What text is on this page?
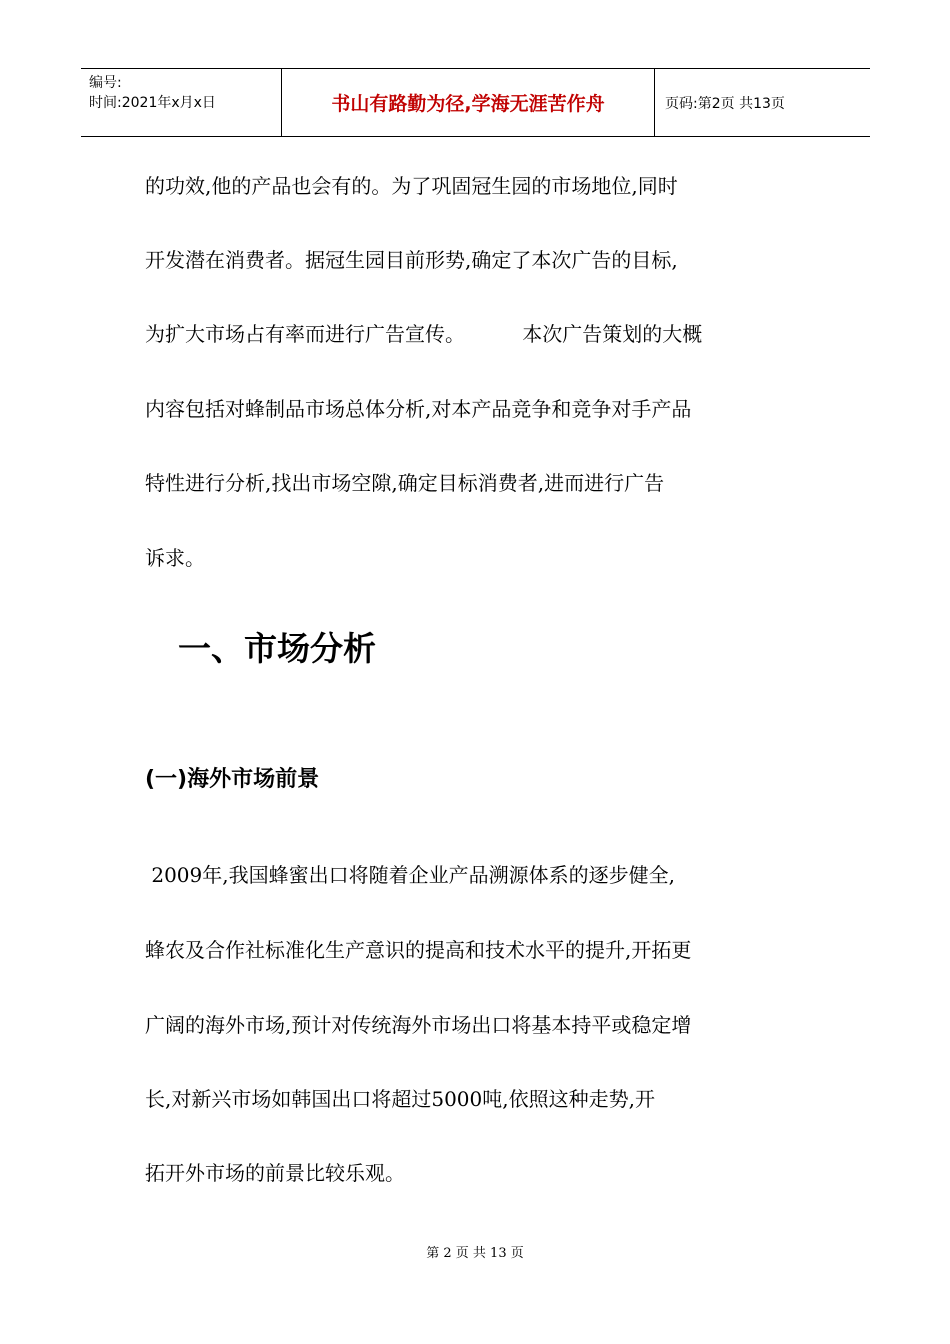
编号:
时间:2021年x月x日	书山有路勤为径,学海无涯苦作舟	页码:第2页 共13页
的功效,他的产品也会有的。为了巩固冠生园的市场地位,同时
开发潜在消费者。据冠生园目前形势,确定了本次广告的目标,
为扩大市场占有率而进行广告宣传。         本次广告策划的大概
内容包括对蜂制品市场总体分析,对本产品竞争和竞争对手产品
特性进行分析,找出市场空隙,确定目标消费者,进而进行广告
诉求。
一、市场分析
(一)海外市场前景
2009年,我国蜂蜜出口将随着企业产品溯源体系的逐步健全,
蜂农及合作社标准化生产意识的提高和技术水平的提升,开拓更
广阔的海外市场,预计对传统海外市场出口将基本持平或稳定增
长,对新兴市场如韩国出口将超过5000吨,依照这种走势,开
拓开外市场的前景比较乐观。
第 2 页 共 13 页
